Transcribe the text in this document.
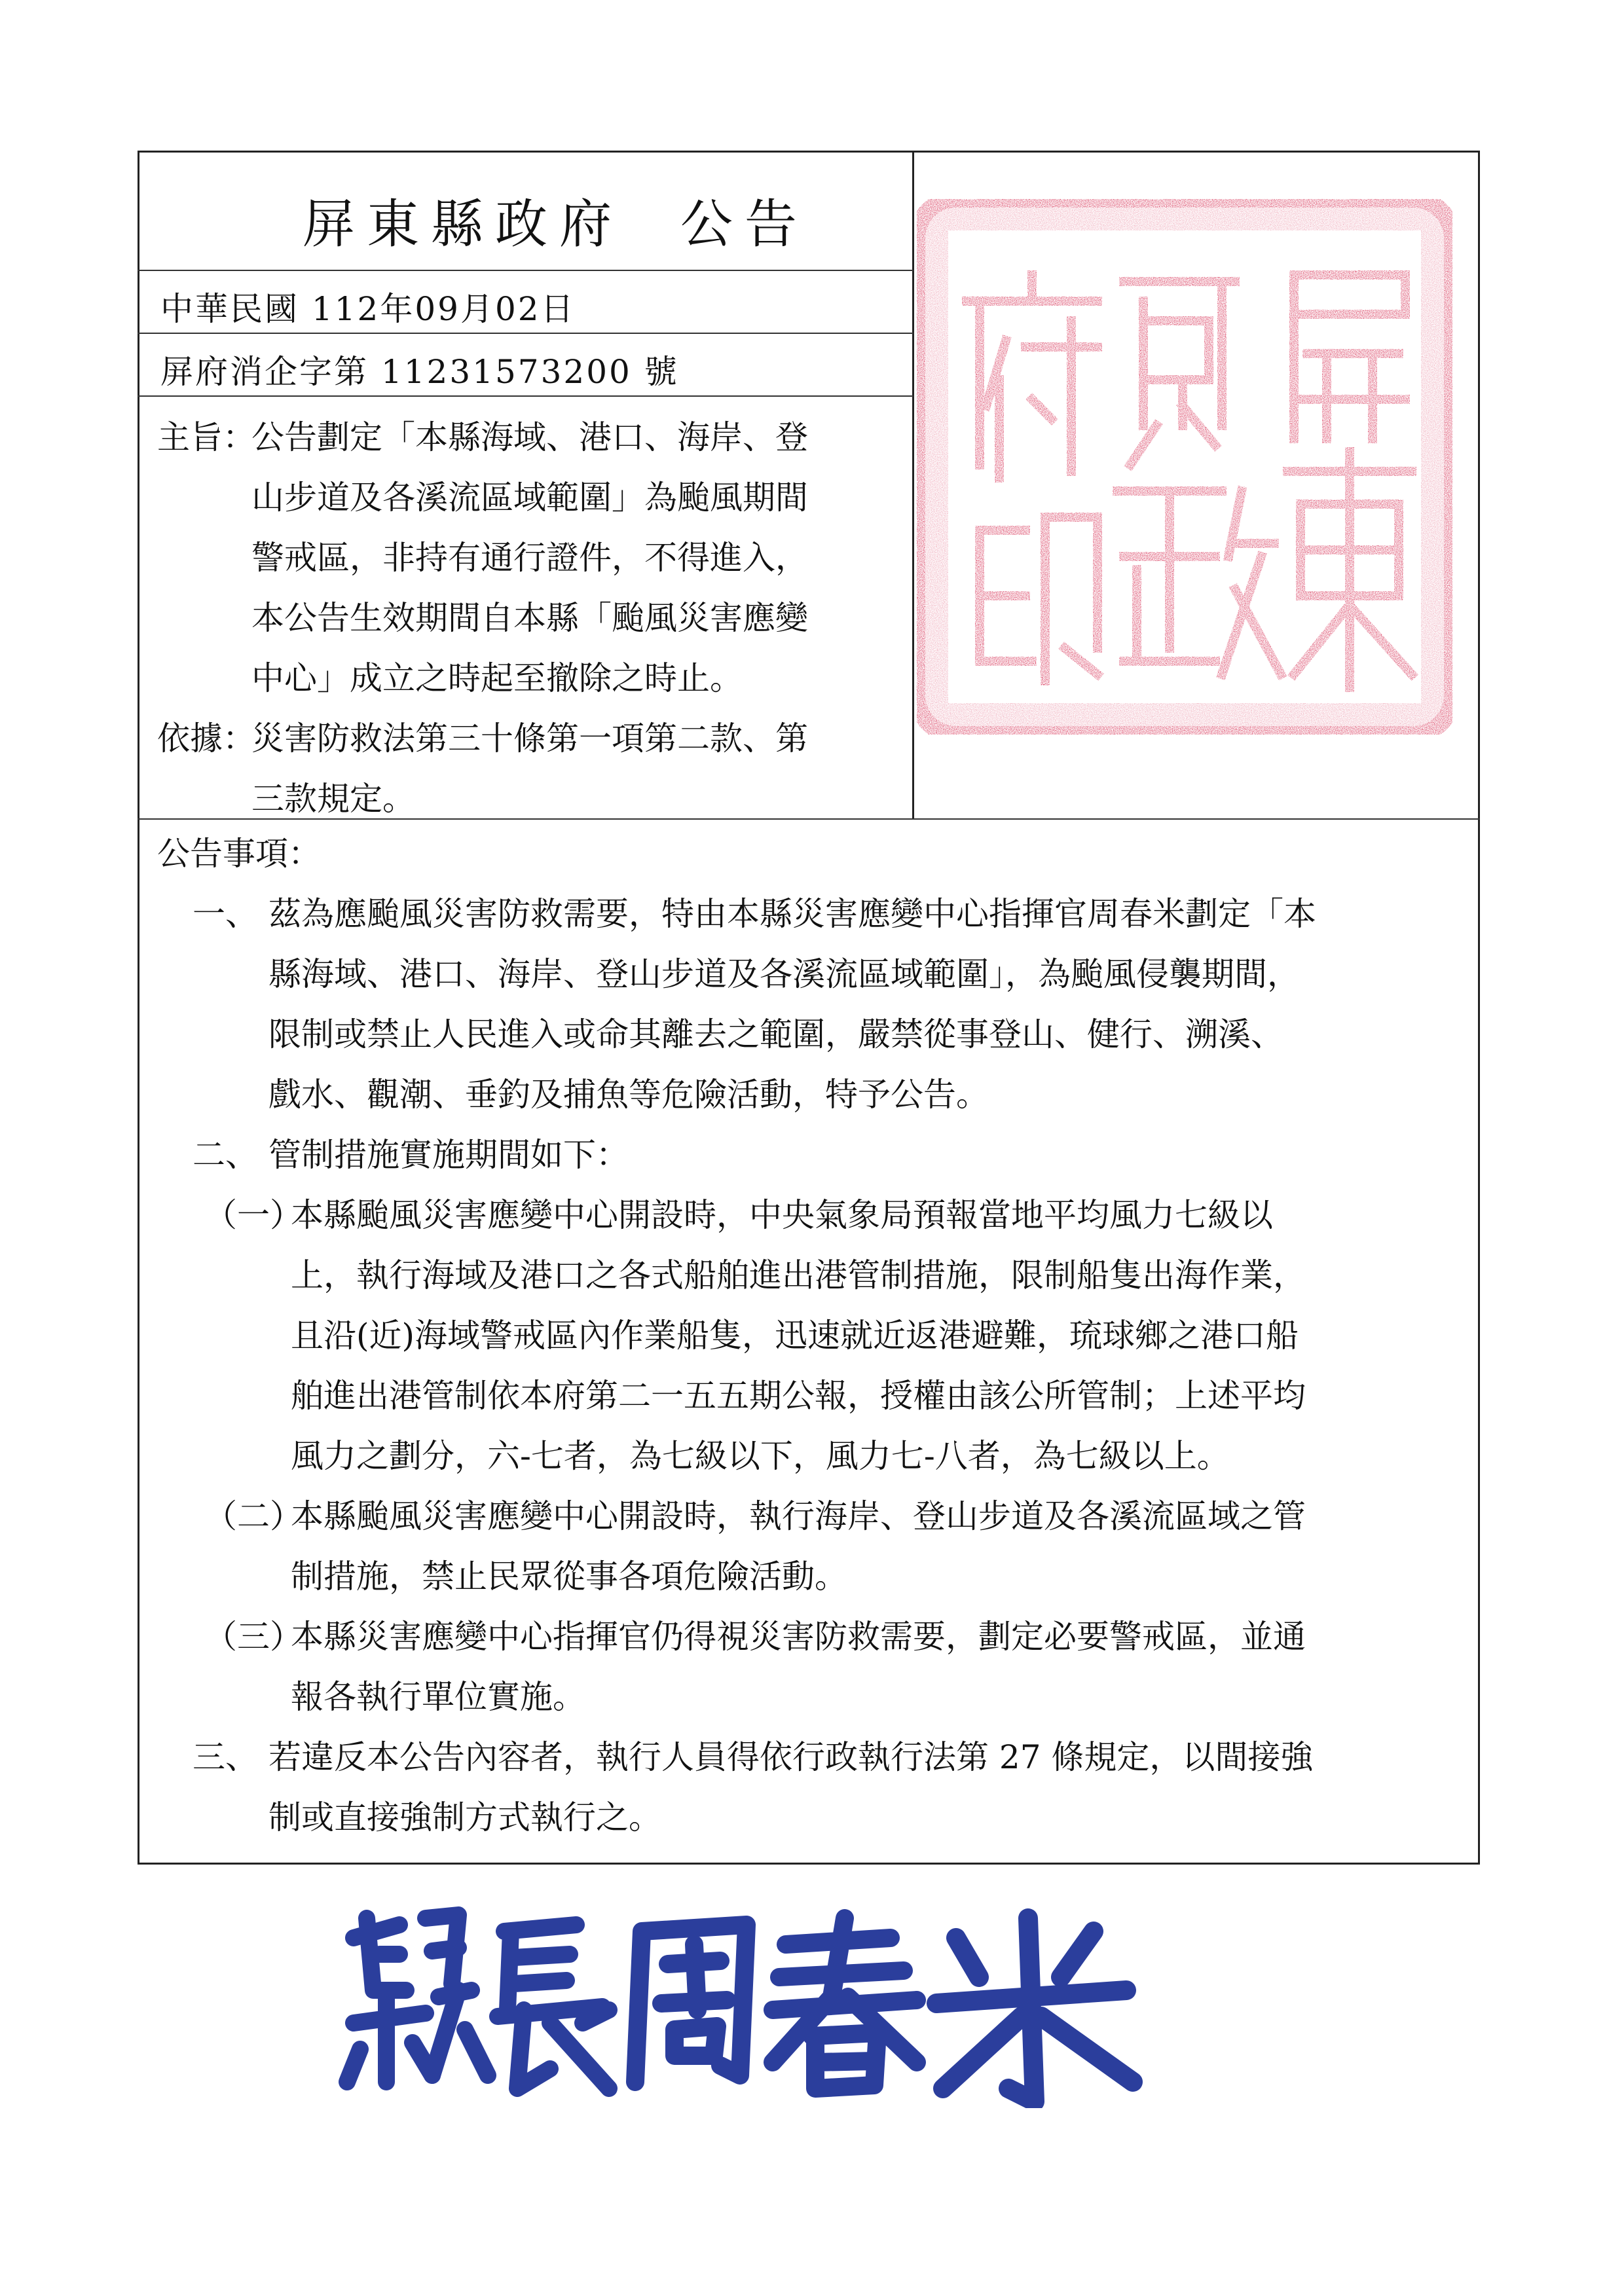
屏東縣政府  公告
中華民國 112年09月02日
屏府消企字第 11231573200 號
主旨：
公告劃定「本縣海域、港口、海岸、登
山步道及各溪流區域範圍」為颱風期間
警戒區，非持有通行證件，不得進入，
本公告生效期間自本縣「颱風災害應變
中心」成立之時起至撤除之時止。
依據：
災害防救法第三十條第一項第二款、第
三款規定。
公告事項：
一、 茲為應颱風災害防救需要，特由本縣災害應變中心指揮官周春米劃定「本
縣海域、港口、海岸、登山步道及各溪流區域範圍」，為颱風侵襲期間，
限制或禁止人民進入或命其離去之範圍，嚴禁從事登山、健行、溯溪、
戲水、觀潮、垂釣及捕魚等危險活動，特予公告。
二、 管制措施實施期間如下：
（一）
本縣颱風災害應變中心開設時，中央氣象局預報當地平均風力七級以
上，執行海域及港口之各式船舶進出港管制措施，限制船隻出海作業，
且沿(近)海域警戒區內作業船隻，迅速就近返港避難，琉球鄉之港口船
舶進出港管制依本府第二一五五期公報，授權由該公所管制；上述平均
風力之劃分，六-七者，為七級以下，風力七-八者，為七級以上。
（二）
本縣颱風災害應變中心開設時，執行海岸、登山步道及各溪流區域之管
制措施，禁止民眾從事各項危險活動。
（三）
本縣災害應變中心指揮官仍得視災害防救需要，劃定必要警戒區，並通
報各執行單位實施。
三、 若違反本公告內容者，執行人員得依行政執行法第 27 條規定，以間接強
制或直接強制方式執行之。
